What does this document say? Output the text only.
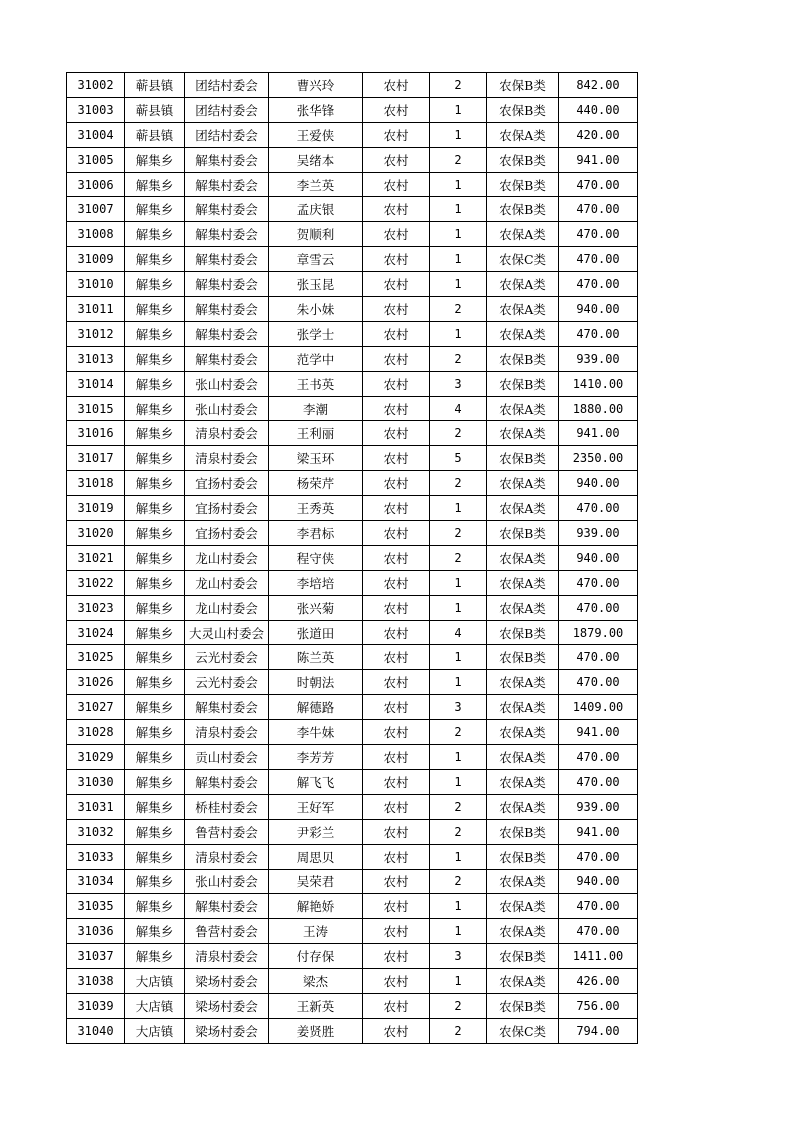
31002	蕲县镇	团结村委会	曹兴玲	农村	2	农保B类	842.00
31003	蕲县镇	团结村委会	张华锋	农村	1	农保B类	440.00
31004	蕲县镇	团结村委会	王爱侠	农村	1	农保A类	420.00
31005	解集乡	解集村委会	吴绪本	农村	2	农保B类	941.00
31006	解集乡	解集村委会	李兰英	农村	1	农保B类	470.00
31007	解集乡	解集村委会	孟庆银	农村	1	农保B类	470.00
31008	解集乡	解集村委会	贺顺利	农村	1	农保A类	470.00
31009	解集乡	解集村委会	章雪云	农村	1	农保C类	470.00
31010	解集乡	解集村委会	张玉昆	农村	1	农保A类	470.00
31011	解集乡	解集村委会	朱小妹	农村	2	农保A类	940.00
31012	解集乡	解集村委会	张学士	农村	1	农保A类	470.00
31013	解集乡	解集村委会	范学中	农村	2	农保B类	939.00
31014	解集乡	张山村委会	王书英	农村	3	农保B类	1410.00
31015	解集乡	张山村委会	李潮	农村	4	农保A类	1880.00
31016	解集乡	清泉村委会	王利丽	农村	2	农保A类	941.00
31017	解集乡	清泉村委会	梁玉环	农村	5	农保B类	2350.00
31018	解集乡	宜扬村委会	杨荣芹	农村	2	农保A类	940.00
31019	解集乡	宜扬村委会	王秀英	农村	1	农保A类	470.00
31020	解集乡	宜扬村委会	李君标	农村	2	农保B类	939.00
31021	解集乡	龙山村委会	程守侠	农村	2	农保A类	940.00
31022	解集乡	龙山村委会	李培培	农村	1	农保A类	470.00
31023	解集乡	龙山村委会	张兴菊	农村	1	农保A类	470.00
31024	解集乡	大灵山村委会	张道田	农村	4	农保B类	1879.00
31025	解集乡	云光村委会	陈兰英	农村	1	农保B类	470.00
31026	解集乡	云光村委会	时朝法	农村	1	农保A类	470.00
31027	解集乡	解集村委会	解德路	农村	3	农保A类	1409.00
31028	解集乡	清泉村委会	李牛妹	农村	2	农保A类	941.00
31029	解集乡	贡山村委会	李芳芳	农村	1	农保A类	470.00
31030	解集乡	解集村委会	解飞飞	农村	1	农保A类	470.00
31031	解集乡	桥桂村委会	王好军	农村	2	农保A类	939.00
31032	解集乡	鲁营村委会	尹彩兰	农村	2	农保B类	941.00
31033	解集乡	清泉村委会	周思贝	农村	1	农保B类	470.00
31034	解集乡	张山村委会	吴荣君	农村	2	农保A类	940.00
31035	解集乡	解集村委会	解艳娇	农村	1	农保A类	470.00
31036	解集乡	鲁营村委会	王涛	农村	1	农保A类	470.00
31037	解集乡	清泉村委会	付存保	农村	3	农保B类	1411.00
31038	大店镇	梁场村委会	梁杰	农村	1	农保A类	426.00
31039	大店镇	梁场村委会	王新英	农村	2	农保B类	756.00
31040	大店镇	梁场村委会	姜贤胜	农村	2	农保C类	794.00
